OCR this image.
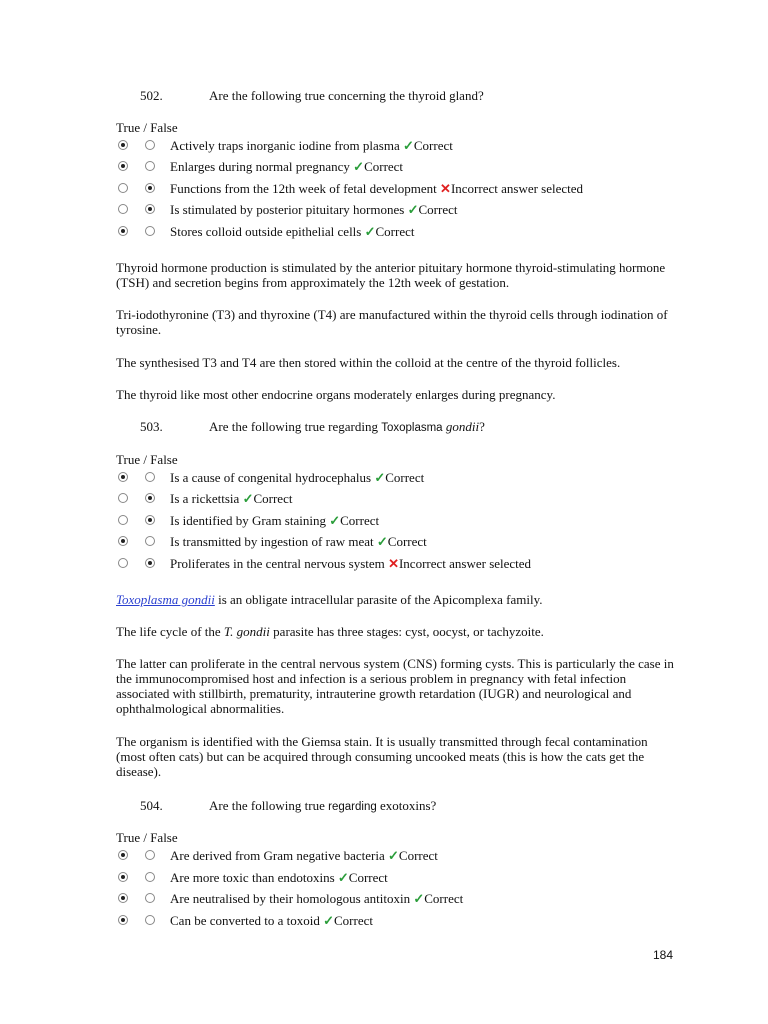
502.	Are the following true concerning the thyroid gland?
True / False
Actively traps inorganic iodine from plasma ✓Correct
Enlarges during normal pregnancy ✓Correct
Functions from the 12th week of fetal development ✕Incorrect answer selected
Is stimulated by posterior pituitary hormones ✓Correct
Stores colloid outside epithelial cells ✓Correct
Thyroid hormone production is stimulated by the anterior pituitary hormone thyroid-stimulating hormone (TSH) and secretion begins from approximately the 12th week of gestation.
Tri-iodothyronine (T3) and thyroxine (T4) are manufactured within the thyroid cells through iodination of tyrosine.
The synthesised T3 and T4 are then stored within the colloid at the centre of the thyroid follicles.
The thyroid like most other endocrine organs moderately enlarges during pregnancy.
503.	Are the following true regarding Toxoplasma gondii?
True / False
Is a cause of congenital hydrocephalus ✓Correct
Is a rickettsia ✓Correct
Is identified by Gram staining ✓Correct
Is transmitted by ingestion of raw meat ✓Correct
Proliferates in the central nervous system ✕Incorrect answer selected
Toxoplasma gondii is an obligate intracellular parasite of the Apicomplexa family.
The life cycle of the T. gondii parasite has three stages: cyst, oocyst, or tachyzoite.
The latter can proliferate in the central nervous system (CNS) forming cysts. This is particularly the case in the immunocompromised host and infection is a serious problem in pregnancy with fetal infection associated with stillbirth, prematurity, intrauterine growth retardation (IUGR) and neurological and ophthalmological abnormalities.
The organism is identified with the Giemsa stain. It is usually transmitted through fecal contamination (most often cats) but can be acquired through consuming uncooked meats (this is how the cats get the disease).
504.	Are the following true regarding exotoxins?
True / False
Are derived from Gram negative bacteria ✓Correct
Are more toxic than endotoxins ✓Correct
Are neutralised by their homologous antitoxin ✓Correct
Can be converted to a toxoid ✓Correct
184
